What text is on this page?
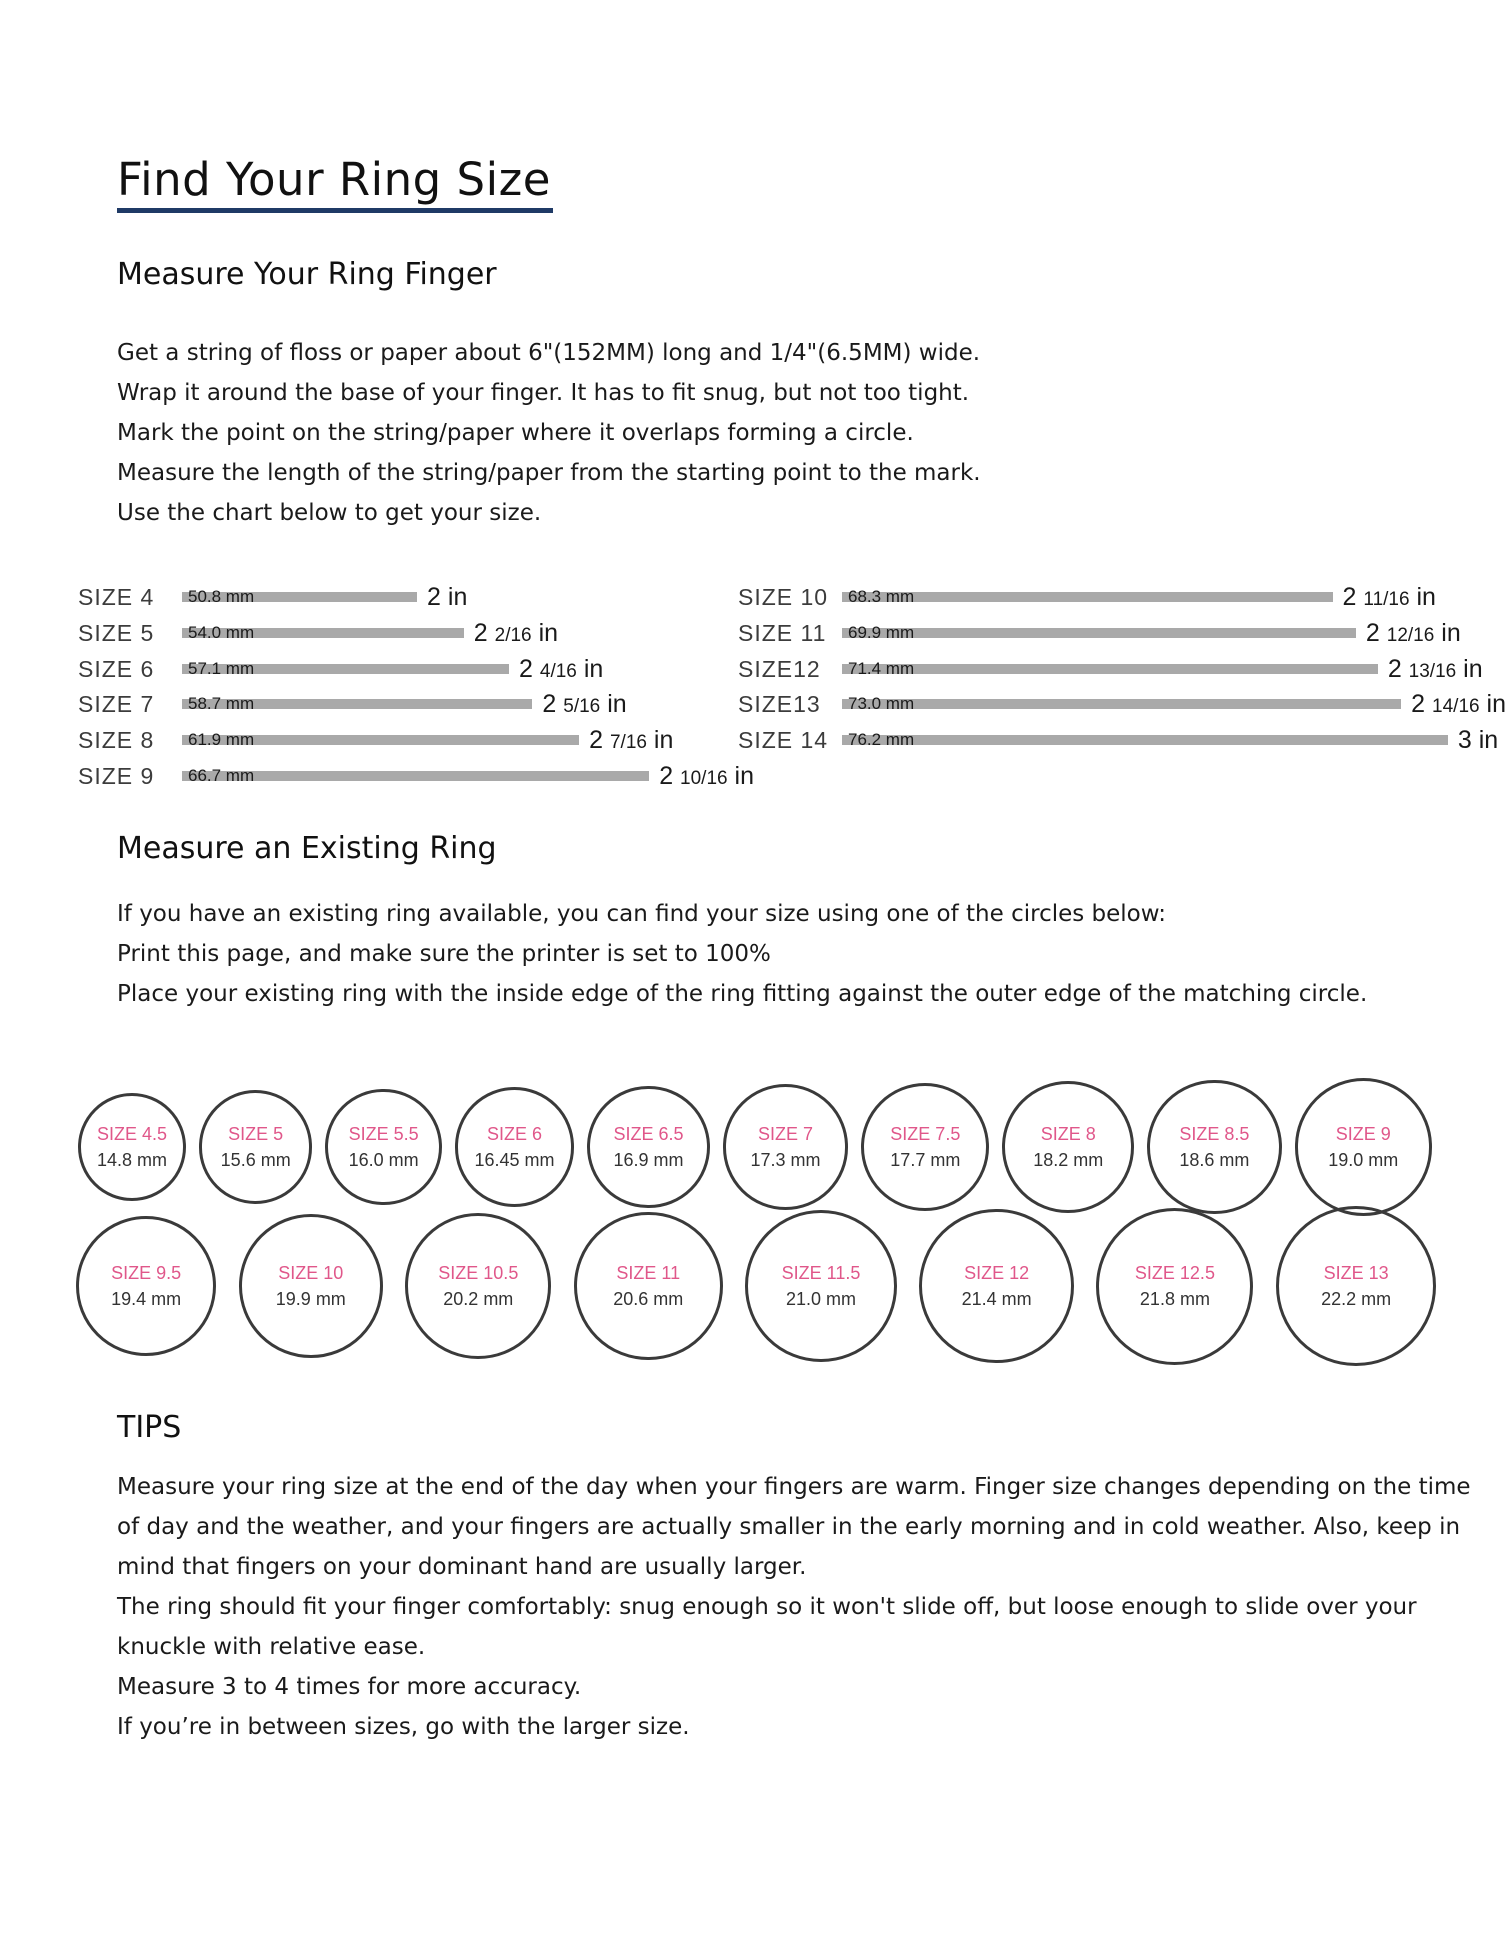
Find Your Ring Size
Measure Your Ring Finger

Get a string of floss or paper about 6"(152MM) long and 1/4"(6.5MM) wide.

Wrap it around the base of your finger. It has to fit snug, but not too tight.

Mark the point on the string/paper where it overlaps forming a circle.

Measure the length of the string/paper from the starting point to the mark.

Use the chart below to get your size.

SIZE 4 50.8 mm	2 in
SIZE 5 54.0 mm	2 2/16 in
SIZE 6 57.1 mm	2 4/16 in
SIZE 7 58.7 mm	2 5/16 in
SIZE 8 61.9 mm	2 7/16 in
SIZE 9 66.7 mm	2 10/16 in
SIZE 10 68.3 mm	2 11/16 in
SIZE 11 69.9 mm	2 12/16 in
SIZE12 71.4 mm	2 13/16 in
SIZE13 73.0 mm	2 14/16 in
SIZE 14 76.2 mm	3 in
Measure an Existing Ring

If you have an existing ring available, you can find your size using one of the circles below:

Print this page, and make sure the printer is set to 100%

Place your existing ring with the inside edge of the ring fitting against the outer edge of the matching circle.

SIZE 4.5
14.8 mm
SIZE 5
15.6 mm
SIZE 5.5
16.0 mm
SIZE 6
16.45 mm
SIZE 6.5
16.9 mm
SIZE 7
17.3 mm
SIZE 7.5
17.7 mm
SIZE 8
18.2 mm
SIZE 8.5
18.6 mm
SIZE 9
19.0 mm
SIZE 9.5
19.4 mm
SIZE 10
19.9 mm
SIZE 10.5
20.2 mm
SIZE 11
20.6 mm
SIZE 11.5
21.0 mm
SIZE 12
21.4 mm
SIZE 12.5
21.8 mm
SIZE 13
22.2 mm
TIPS

Measure your ring size at the end of the day when your fingers are warm. Finger size changes depending on the time of day and the weather, and your fingers are actually smaller in the early morning and in cold weather. Also, keep in mind that fingers on your dominant hand are usually larger.

The ring should fit your finger comfortably: snug enough so it won't slide off, but loose enough to slide over your knuckle with relative ease.

Measure 3 to 4 times for more accuracy.

If you’re in between sizes, go with the larger size.
